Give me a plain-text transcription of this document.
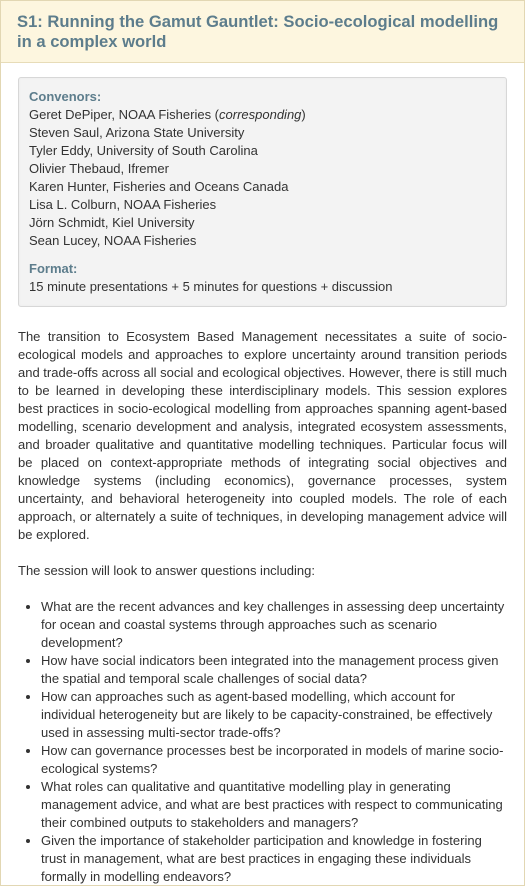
S1: Running the Gamut Gauntlet: Socio-ecological modelling in a complex world
Convenors:
Geret DePiper, NOAA Fisheries (corresponding)
Steven Saul, Arizona State University
Tyler Eddy, University of South Carolina
Olivier Thebaud, Ifremer
Karen Hunter, Fisheries and Oceans Canada
Lisa L. Colburn, NOAA Fisheries
Jörn Schmidt, Kiel University
Sean Lucey, NOAA Fisheries
Format:
15 minute presentations + 5 minutes for questions + discussion

The transition to Ecosystem Based Management necessitates a suite of socio-ecological models and approaches to explore uncertainty around transition periods and trade-offs across all social and ecological objectives. However, there is still much to be learned in developing these interdisciplinary models. This session explores best practices in socio-ecological modelling from approaches spanning agent-based modelling, scenario development and analysis, integrated ecosystem assessments, and broader qualitative and quantitative modelling techniques. Particular focus will be placed on context-appropriate methods of integrating social objectives and knowledge systems (including economics), governance processes, system uncertainty, and behavioral heterogeneity into coupled models. The role of each approach, or alternately a suite of techniques, in developing management advice will be explored.

The session will look to answer questions including:

• What are the recent advances and key challenges in assessing deep uncertainty for ocean and coastal systems through approaches such as scenario development?
• How have social indicators been integrated into the management process given the spatial and temporal scale challenges of social data?
• How can approaches such as agent-based modelling, which account for individual heterogeneity but are likely to be capacity-constrained, be effectively used in assessing multi-sector trade-offs?
• How can governance processes best be incorporated in models of marine socio-ecological systems?
• What roles can qualitative and quantitative modelling play in generating management advice, and what are best practices with respect to communicating their combined outputs to stakeholders and managers?
• Given the importance of stakeholder participation and knowledge in fostering trust in management, what are best practices in engaging these individuals formally in modelling endeavors?
